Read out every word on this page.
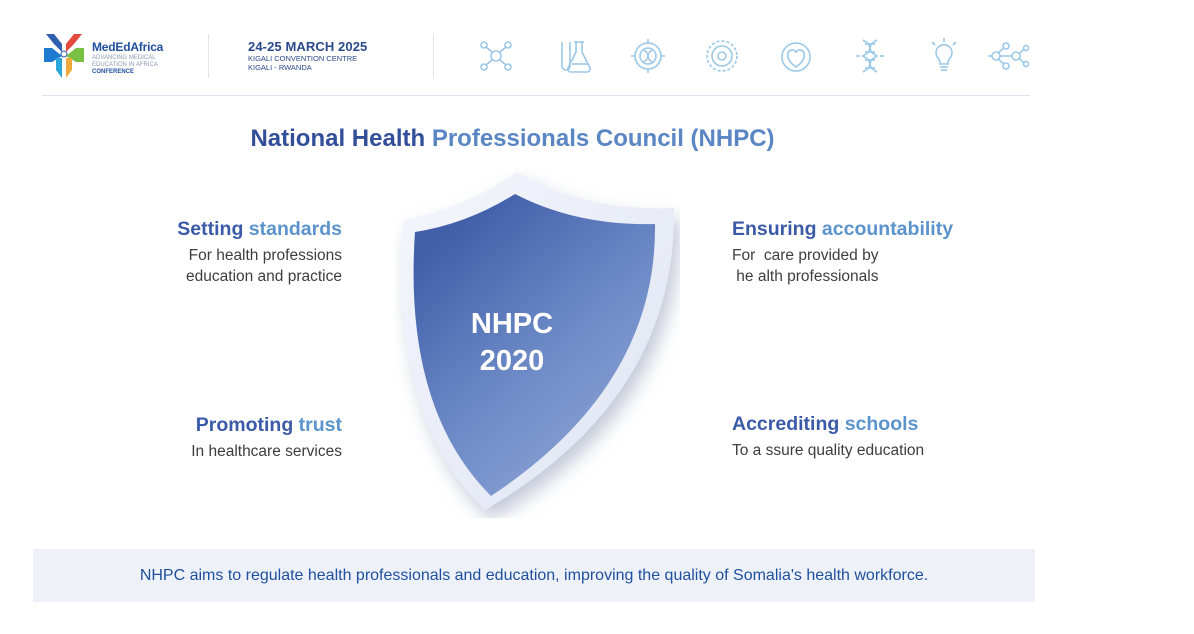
MedEdAfrica
ADVANCING MEDICAL
EDUCATION IN AFRICA
CONFERENCE
24-25 MARCH 2025
KIGALI CONVENTION CENTRE
KIGALI - RWANDA
National Health Professionals Council (NHPC)
NHPC
2020
Setting standards

For health professions
education and practice

Ensuring accountability

For  care provided by
he alth professionals

Promoting trust

In healthcare services

Accrediting schools

To a ssure quality education

NHPC aims to regulate health professionals and education, improving the quality of Somalia's health workforce.
